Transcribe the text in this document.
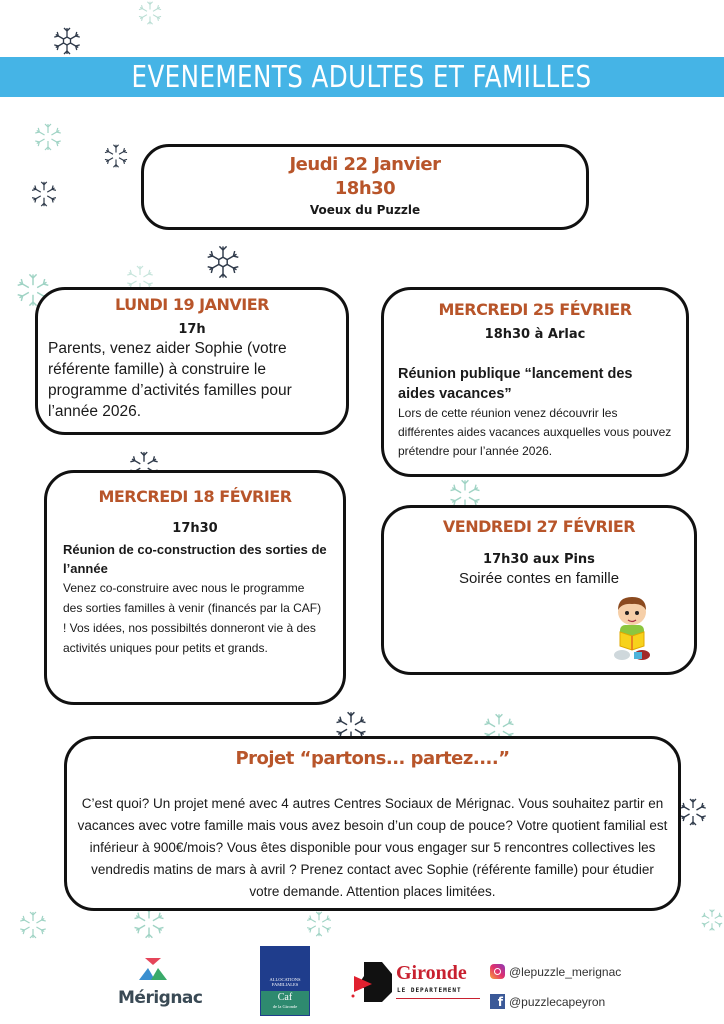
EVENEMENTS ADULTES ET FAMILLES
Jeudi 22 Janvier
18h30
Voeux du Puzzle
LUNDI 19 JANVIER
17h
Parents, venez aider Sophie (votre référente famille) à construire le programme d’activités familles pour l’année 2026.
MERCREDI 25 FÉVRIER
18h30 à Arlac
Réunion publique “lancement des aides vacances”
Lors de cette réunion venez découvrir les différentes aides vacances auxquelles vous pouvez prétendre pour l’année 2026.
MERCREDI 18 FÉVRIER
17h30
Réunion de co-construction des sorties de l’année
Venez co-construire avec nous le programme des sorties familles à venir (financés par la CAF) ! Vos idées, nos possibiltés donneront vie à des activités uniques pour petits et grands.
VENDREDI 27 FÉVRIER
17h30 aux Pins
Soirée contes en famille
Projet “partons... partez....”
C’est quoi? Un projet mené avec 4 autres Centres Sociaux de Mérignac. Vous souhaitez partir en vacances avec votre famille mais vous avez besoin d’un coup de pouce? Votre quotient familial est inférieur à 900€/mois? Vous êtes disponible pour vous engager sur 5 rencontres collectives les vendredis matins de mars à avril ? Prenez contact avec Sophie (référente famille) pour étudier votre demande. Attention places limitées.
Mérignac
ALLOCATIONS FAMILIALES
Caf
de la Gironde
Gironde
LE DEPARTEMENT
@lepuzzle_merignac
f @puzzlecapeyron
